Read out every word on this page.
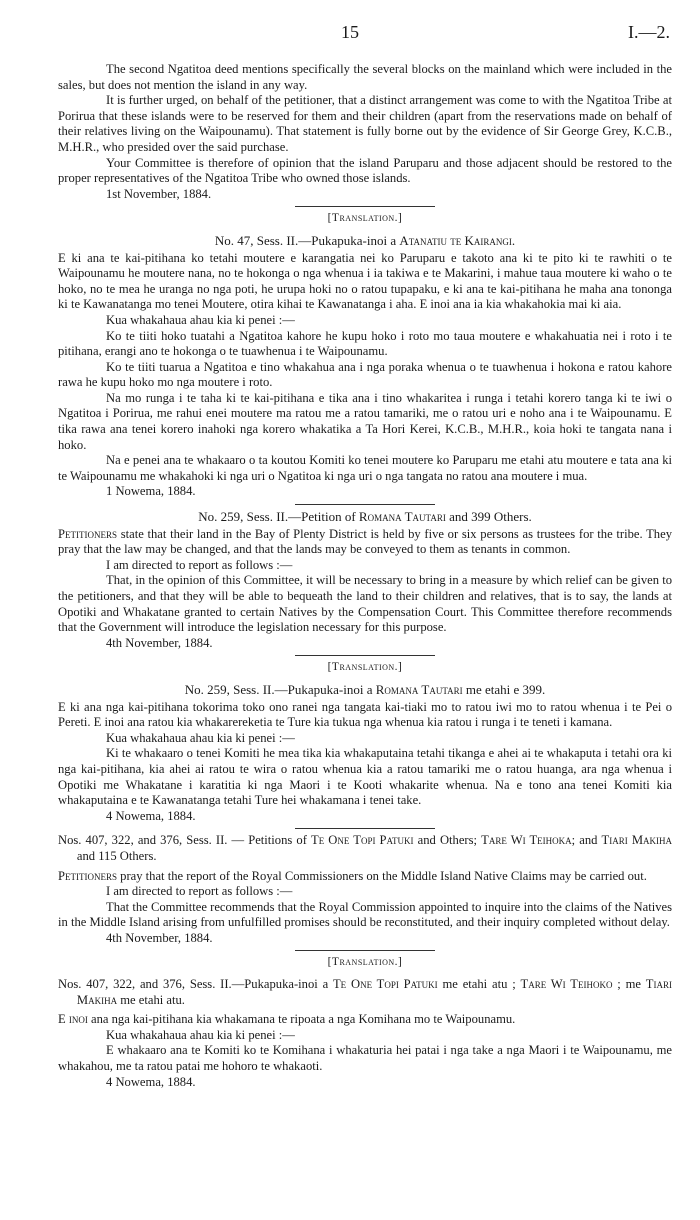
15	I.—2.

The second Ngatitoa deed mentions specifically the several blocks on the mainland which were included in the sales, but does not mention the island in any way.

It is further urged, on behalf of the petitioner, that a distinct arrangement was come to with the Ngatitoa Tribe at Porirua that these islands were to be reserved for them and their children (apart from the reservations made on behalf of their relatives living on the Waipounamu). That statement is fully borne out by the evidence of Sir George Grey, K.C.B., M.H.R., who presided over the said purchase.

Your Committee is therefore of opinion that the island Paruparu and those adjacent should be restored to the proper representatives of the Ngatitoa Tribe who owned those islands.

1st November, 1884.

[Translation.]
No. 47, Sess. II.—Pukapuka-inoi a Atanatiu te Kairangi.

E ki ana te kai-pitihana ko tetahi moutere e karangatia nei ko Paruparu e takoto ana ki te pito ki te rawhiti o te Waipounamu he moutere nana, no te hokonga o nga whenua i ia takiwa e te Makarini, i mahue taua moutere ki waho o te hoko, no te mea he uranga no nga poti, he urupa hoki no o ratou tupapaku, e ki ana te kai-pitihana he maha ana tononga ki te Kawanatanga mo tenei Moutere, otira kihai te Kawanatanga i aha. E inoi ana ia kia whakahokia mai ki aia.

Kua whakahaua ahau kia ki penei :—

Ko te tiiti hoko tuatahi a Ngatitoa kahore he kupu hoko i roto mo taua moutere e whakahuatia nei i roto i te pitihana, erangi ano te hokonga o te tuawhenua i te Waipounamu.

Ko te tiiti tuarua a Ngatitoa e tino whakahua ana i nga poraka whenua o te tuawhenua i hokona e ratou kahore rawa he kupu hoko mo nga moutere i roto.

Na mo runga i te taha ki te kai-pitihana e tika ana i tino whakaritea i runga i tetahi korero tanga ki te iwi o Ngatitoa i Porirua, me rahui enei moutere ma ratou me a ratou tamariki, me o ratou uri e noho ana i te Waipounamu. E tika rawa ana tenei korero inahoki nga korero whakatika a Ta Hori Kerei, K.C.B., M.H.R., koia hoki te tangata nana i hoko.

Na e penei ana te whakaaro o ta koutou Komiti ko tenei moutere ko Paruparu me etahi atu moutere e tata ana ki te Waipounamu me whakahoki ki nga uri o Ngatitoa ki nga uri o nga tangata no ratou ana moutere i mua.

1 Nowema, 1884.

No. 259, Sess. II.—Petition of Romana Tautari and 399 Others.

Petitioners state that their land in the Bay of Plenty District is held by five or six persons as trustees for the tribe. They pray that the law may be changed, and that the lands may be conveyed to them as tenants in common.

I am directed to report as follows :—

That, in the opinion of this Committee, it will be necessary to bring in a measure by which relief can be given to the petitioners, and that they will be able to bequeath the land to their children and relatives, that is to say, the lands at Opotiki and Whakatane granted to certain Natives by the Compensation Court. This Committee therefore recommends that the Government will introduce the legislation necessary for this purpose.

4th November, 1884.

[Translation.]
No. 259, Sess. II.—Pukapuka-inoi a Romana Tautari me etahi e 399.

E ki ana nga kai-pitihana tokorima toko ono ranei nga tangata kai-tiaki mo to ratou iwi mo to ratou whenua i te Pei o Pereti. E inoi ana ratou kia whakarereketia te Ture kia tukua nga whenua kia ratou i runga i te teneti i kamana.

Kua whakahaua ahau kia ki penei :—

Ki te whakaaro o tenei Komiti he mea tika kia whakaputaina tetahi tikanga e ahei ai te whakaputa i tetahi ora ki nga kai-pitihana, kia ahei ai ratou te wira o ratou whenua kia a ratou tamariki me o ratou huanga, ara nga whenua i Opotiki me Whakatane i karatitia ki nga Maori i te Kooti whakarite whenua. Na e tono ana tenei Komiti kia whakaputaina e te Kawanatanga tetahi Ture hei whakamana i tenei take.

4 Nowema, 1884.

Nos. 407, 322, and 376, Sess. II. — Petitions of Te One Topi Patuki and Others; Tare Wi Teihoka; and Tiari Makiha and 115 Others.

Petitioners pray that the report of the Royal Commissioners on the Middle Island Native Claims may be carried out.

I am directed to report as follows :—

That the Committee recommends that the Royal Commission appointed to inquire into the claims of the Natives in the Middle Island arising from unfulfilled promises should be reconstituted, and their inquiry completed without delay.

4th November, 1884.

[Translation.]

Nos. 407, 322, and 376, Sess. II.—Pukapuka-inoi a Te One Topi Patuki me etahi atu ; Tare Wi Teihoko ; me Tiari Makiha me etahi atu.

E inoi ana nga kai-pitihana kia whakamana te ripoata a nga Komihana mo te Waipounamu.

Kua whakahaua ahau kia ki penei :—

E whakaaro ana te Komiti ko te Komihana i whakaturia hei patai i nga take a nga Maori i te Waipounamu, me whakahou, me ta ratou patai me hohoro te whakaoti.

4 Nowema, 1884.
